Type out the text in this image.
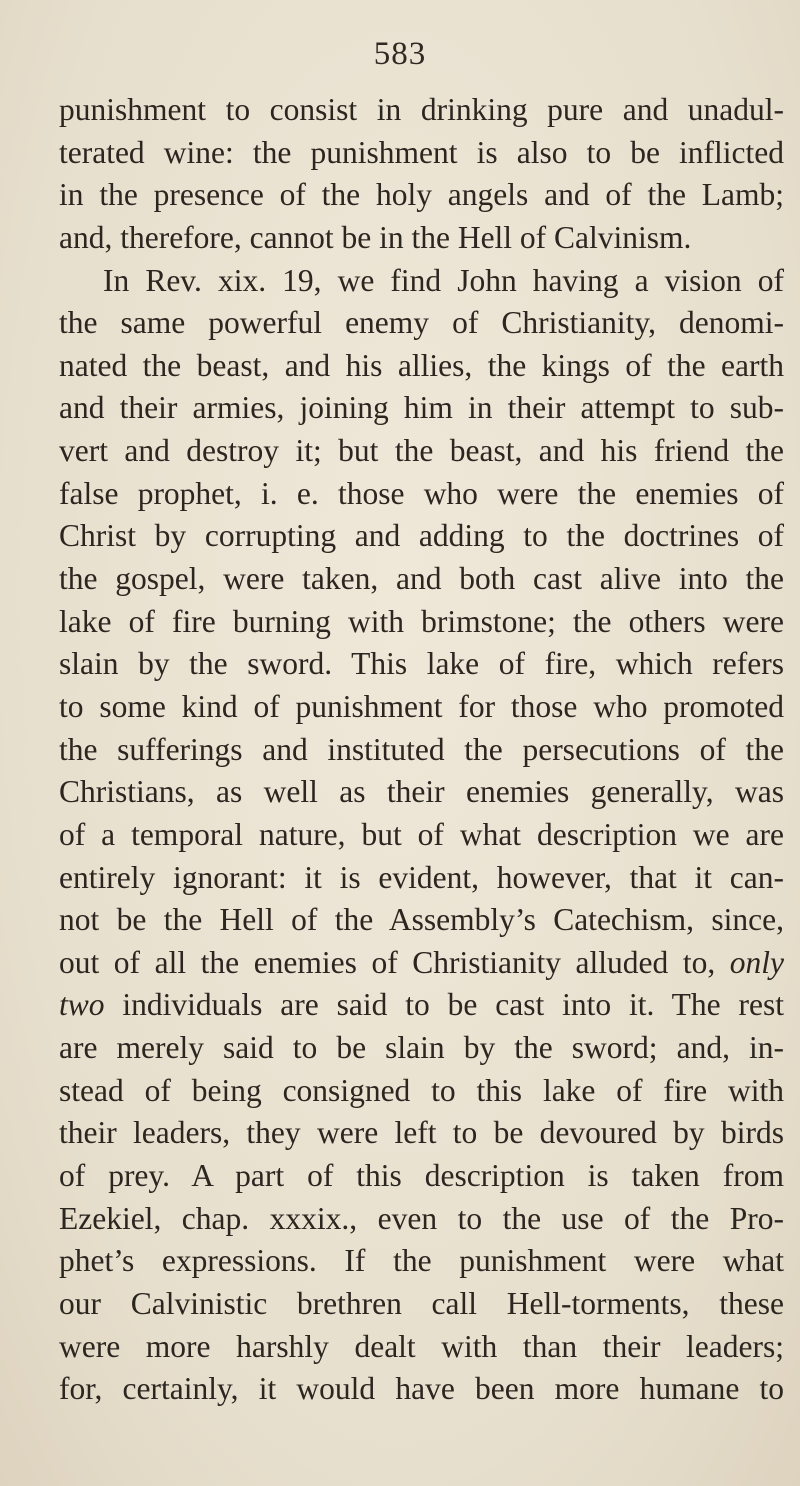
583
punishment to consist in drinking pure and unadul-
terated wine: the punishment is also to be inflicted
in the presence of the holy angels and of the Lamb;
and, therefore, cannot be in the Hell of Calvinism.
In Rev. xix. 19, we find John having a vision of
the same powerful enemy of Christianity, denomi-
nated the beast, and his allies, the kings of the earth
and their armies, joining him in their attempt to sub-
vert and destroy it; but the beast, and his friend the
false prophet, i. e. those who were the enemies of
Christ by corrupting and adding to the doctrines of
the gospel, were taken, and both cast alive into the
lake of fire burning with brimstone; the others were
slain by the sword. This lake of fire, which refers
to some kind of punishment for those who promoted
the sufferings and instituted the persecutions of the
Christians, as well as their enemies generally, was
of a temporal nature, but of what description we are
entirely ignorant: it is evident, however, that it can-
not be the Hell of the Assembly’s Catechism, since,
out of all the enemies of Christianity alluded to, only
two individuals are said to be cast into it. The rest
are merely said to be slain by the sword; and, in-
stead of being consigned to this lake of fire with
their leaders, they were left to be devoured by birds
of prey. A part of this description is taken from
Ezekiel, chap. xxxix., even to the use of the Pro-
phet’s expressions. If the punishment were what
our Calvinistic brethren call Hell-torments, these
were more harshly dealt with than their leaders;
for, certainly, it would have been more humane to
